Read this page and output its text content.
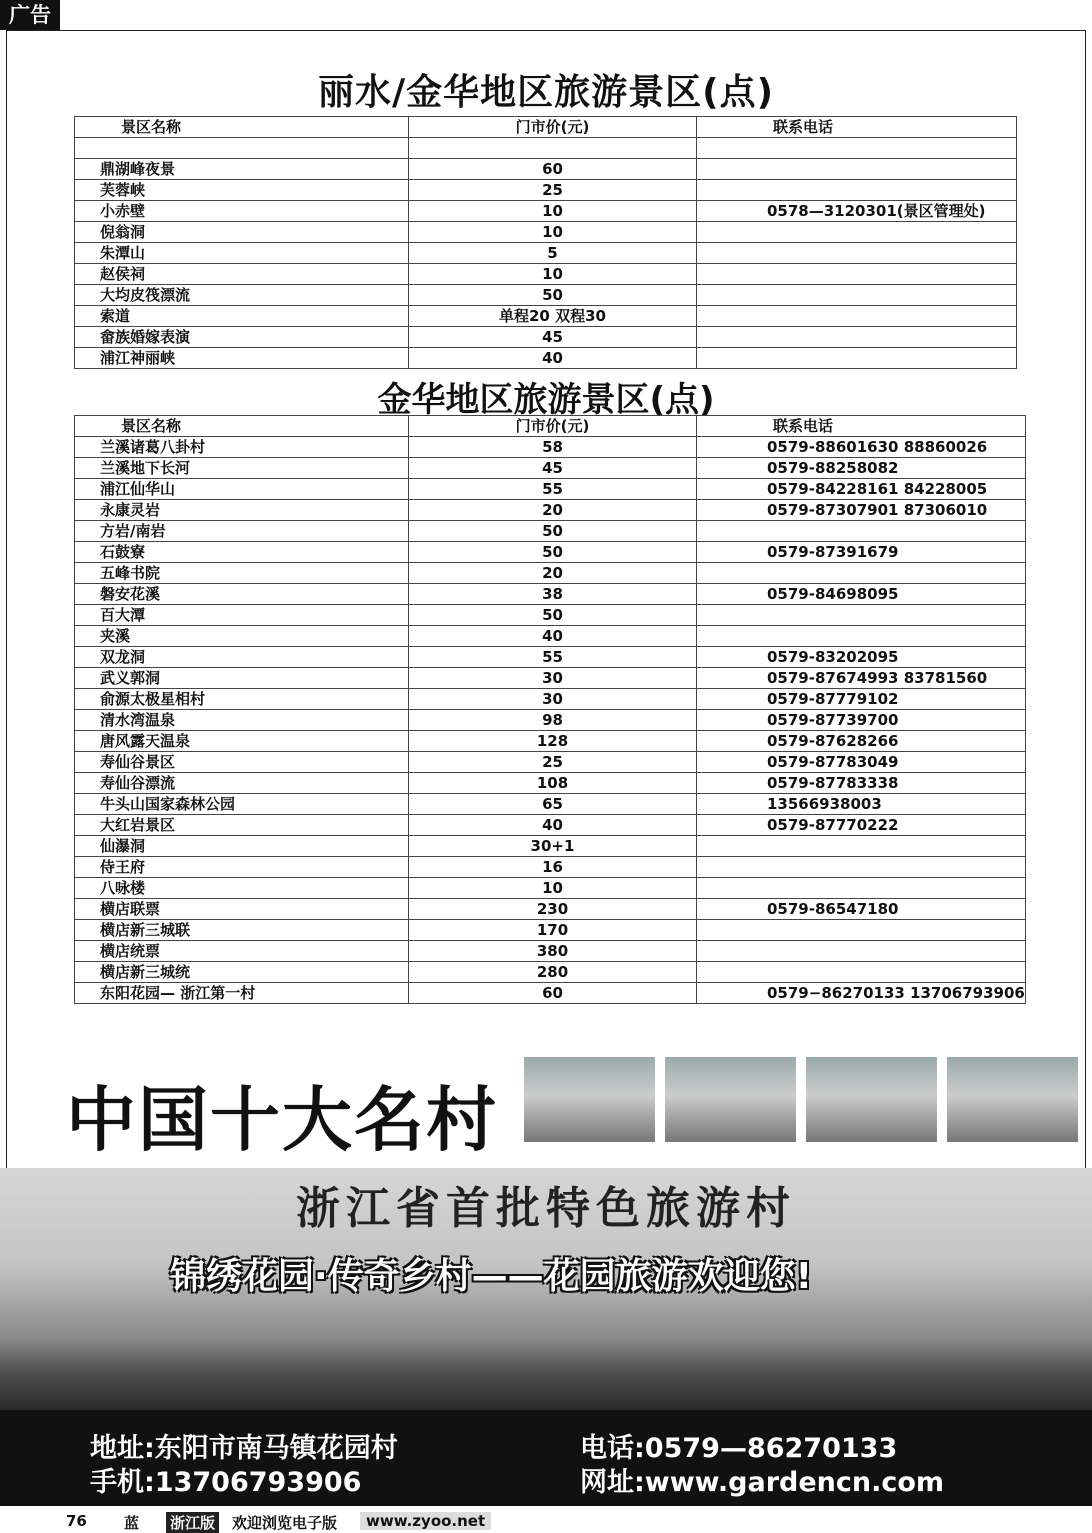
广告
丽水/金华地区旅游景区(点)
景区名称	门市价(元)	联系电话

鼎湖峰夜景	60	
芙蓉峡	25	
小赤壁	10	0578—3120301(景区管理处)
倪翁洞	10	
朱潭山	5	
赵侯祠	10	
大均皮筏漂流	50	
索道	单程20 双程30	
畲族婚嫁表演	45	
浦江神丽峡	40	
金华地区旅游景区(点)
景区名称	门市价(元)	联系电话
兰溪诸葛八卦村	58	0579-88601630 88860026
兰溪地下长河	45	0579-88258082
浦江仙华山	55	0579-84228161 84228005
永康灵岩	20	0579-87307901 87306010
方岩/南岩	50	
石鼓寮	50	0579-87391679
五峰书院	20	
磐安花溪	38	0579-84698095
百大潭	50	
夹溪	40	
双龙洞	55	0579-83202095
武义郭洞	30	0579-87674993 83781560
俞源太极星相村	30	0579-87779102
清水湾温泉	98	0579-87739700
唐风露天温泉	128	0579-87628266
寿仙谷景区	25	0579-87783049
寿仙谷漂流	108	0579-87783338
牛头山国家森林公园	65	13566938003
大红岩景区	40	0579-87770222
仙瀑洞	30+1	
侍王府	16	
八咏楼	10	
横店联票	230	0579-86547180
横店新三城联	170	
横店统票	380	
横店新三城统	280	
东阳花园— 浙江第一村	60	0579−86270133 13706793906
中国十大名村
浙江省首批特色旅游村
锦绣花园·传奇乡村——花园旅游欢迎您!
地址:东阳市南马镇花园村
手机:13706793906
电话:0579—86270133
网址:www.gardencn.com
76 蓝 浙江版 欢迎浏览电子版	www.zyoo.net
